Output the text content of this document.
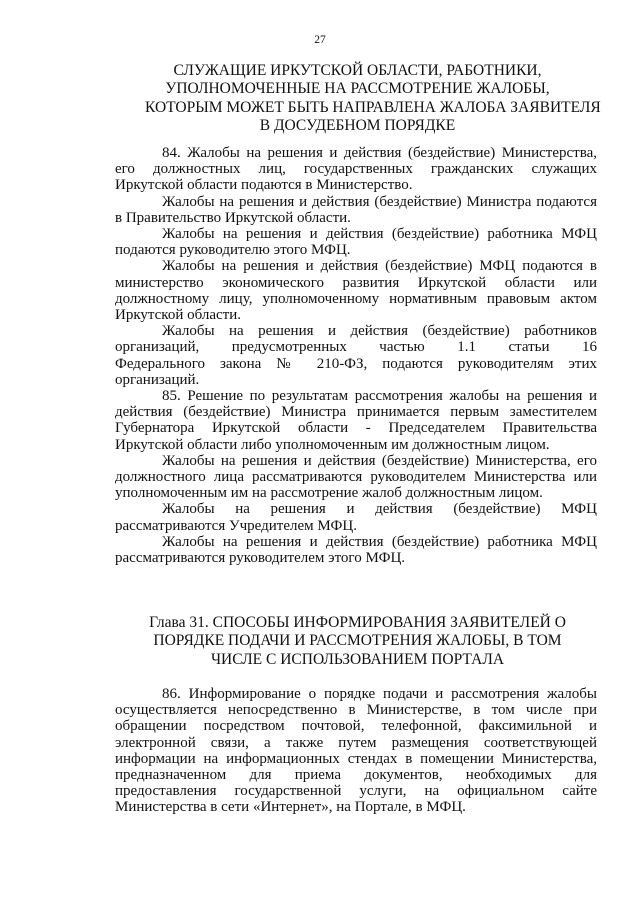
27
СЛУЖАЩИЕ ИРКУТСКОЙ ОБЛАСТИ, РАБОТНИКИ,
УПОЛНОМОЧЕННЫЕ НА РАССМОТРЕНИЕ ЖАЛОБЫ,
КОТОРЫМ МОЖЕТ БЫТЬ НАПРАВЛЕНА ЖАЛОБА ЗАЯВИТЕЛЯ
В ДОСУДЕБНОМ ПОРЯДКЕ

84. Жалобы на решения и действия (бездействие) Министерства,
его должностных лиц, государственных гражданских служащих
Иркутской области подаются в Министерство.

Жалобы на решения и действия (бездействие) Министра подаются
в Правительство Иркутской области.

Жалобы на решения и действия (бездействие) работника МФЦ
подаются руководителю этого МФЦ.

Жалобы на решения и действия (бездействие) МФЦ подаются в
министерство экономического развития Иркутской области или
должностному лицу, уполномоченному нормативным правовым актом
Иркутской области.

Жалобы на решения и действия (бездействие) работников
организаций, предусмотренных частью 1.1 статьи 16
Федерального закона № 210-ФЗ, подаются руководителям этих
организаций.

85. Решение по результатам рассмотрения жалобы на решения и
действия (бездействие) Министра принимается первым заместителем
Губернатора Иркутской области - Председателем Правительства
Иркутской области либо уполномоченным им должностным лицом.

Жалобы на решения и действия (бездействие) Министерства, его
должностного лица рассматриваются руководителем Министерства или
уполномоченным им на рассмотрение жалоб должностным лицом.

Жалобы на решения и действия (бездействие) МФЦ
рассматриваются Учредителем МФЦ.

Жалобы на решения и действия (бездействие) работника МФЦ
рассматриваются руководителем этого МФЦ.

Глава 31. СПОСОБЫ ИНФОРМИРОВАНИЯ ЗАЯВИТЕЛЕЙ О
ПОРЯДКЕ ПОДАЧИ И РАССМОТРЕНИЯ ЖАЛОБЫ, В ТОМ
ЧИСЛЕ С ИСПОЛЬЗОВАНИЕМ ПОРТАЛА

86. Информирование о порядке подачи и рассмотрения жалобы
осуществляется непосредственно в Министерстве, в том числе при
обращении посредством почтовой, телефонной, факсимильной и
электронной связи, а также путем размещения соответствующей
информации на информационных стендах в помещении Министерства,
предназначенном для приема документов, необходимых для
предоставления государственной услуги, на официальном сайте
Министерства в сети «Интернет», на Портале, в МФЦ.
